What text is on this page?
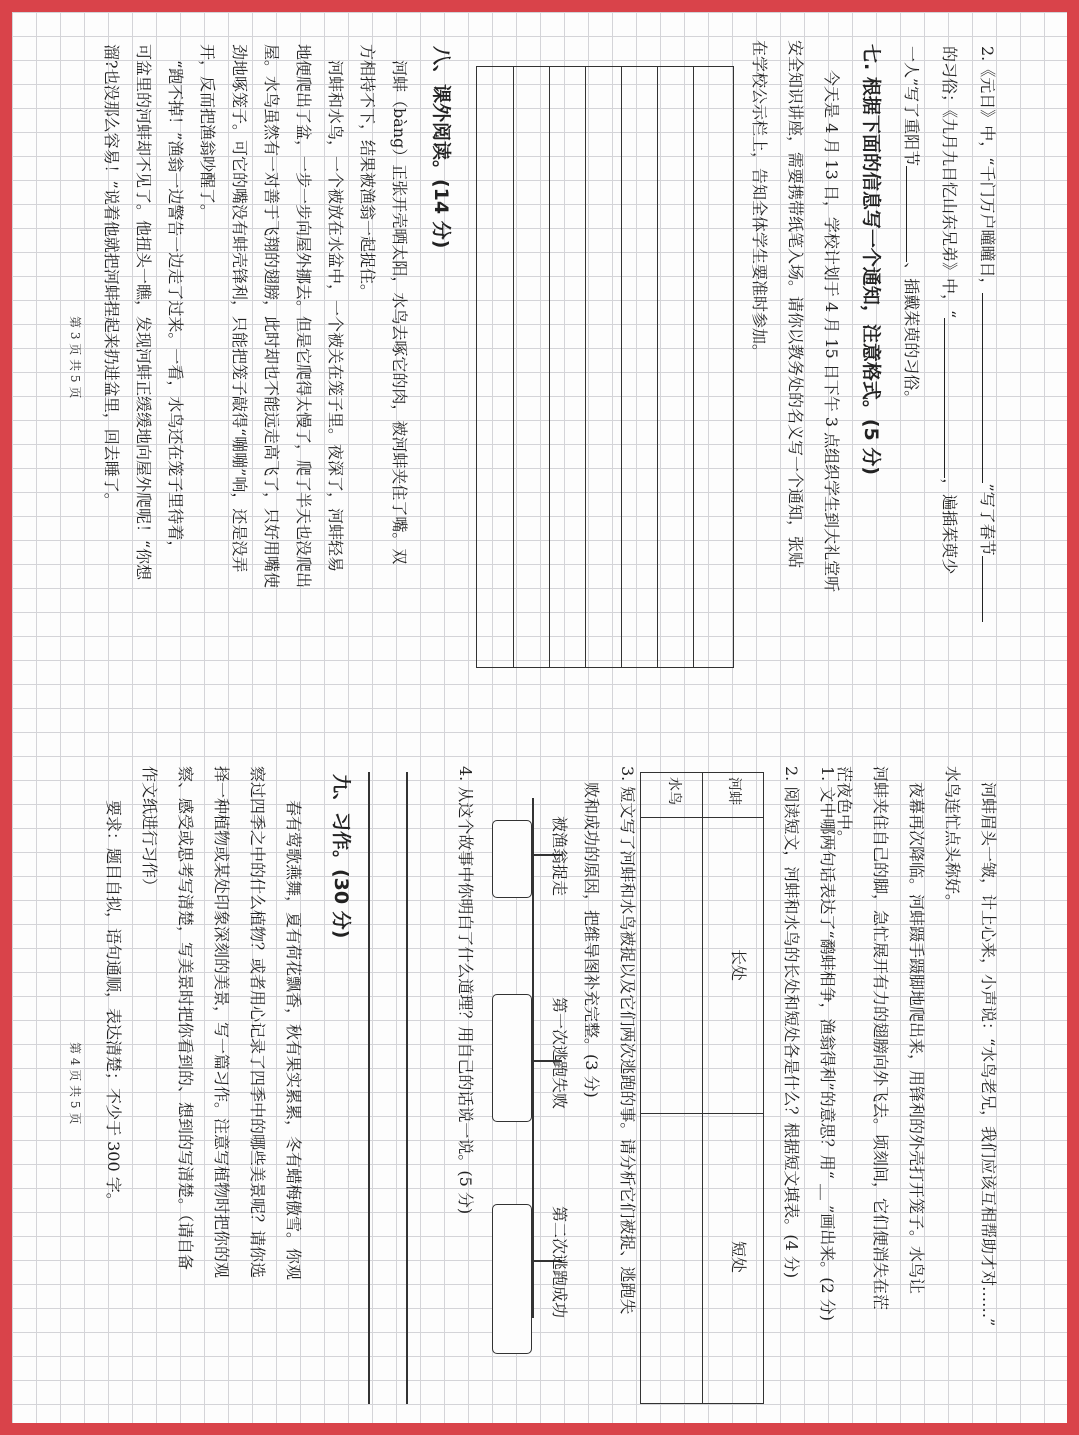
2.《元日》中，“千门万户曈曈日，”写了春节
的习俗；《九月九日忆山东兄弟》中，“，遍插茱萸少
一人”写了重阳节、插戴茱萸的习俗。
七. 根据下面的信息写一个通知，注意格式。(5 分)
今天是 4 月 13 日，学校计划于 4 月 15 日下午 3 点组织学生到大礼堂听
安全知识讲座，需要携带纸笔入场。请你以教务处的名义写一个通知，张贴
在学校公示栏上，告知全体学生要准时参加。
八、课外阅读。(14 分)
河蚌（bàng）正张开壳晒太阳，水鸟去啄它的肉，被河蚌夹住了嘴。双
方相持不下，结果被渔翁一起捉住。
河蚌和水鸟，一个被放在水盆中，一个被关在笼子里。夜深了，河蚌轻易
地便爬出了盆，一步一步向屋外挪去。但是它爬得太慢了，爬了半天也没爬出
屋。水鸟虽然有一对善于飞翔的翅膀，此时却也不能远走高飞了，只好用嘴使
劲地啄笼子。可它的嘴没有蚌壳锋利，只能把笼子敲得“嘣嘣”响，还是没弄
开，反而把渔翁吵醒了。
“跑不掉！”渔翁一边警告一边走了过来。一看，水鸟还在笼子里待着，
可盆里的河蚌却不见了。他扭头一瞧，发现河蚌正缓缓地向屋外爬呢！“你想
溜?也没那么容易！”说着他就把河蚌捏起来扔进盆里，回去睡了。
第 3 页 共 5 页
河蚌眉头一皱，计上心来，小声说：“水鸟老兄，我们应该互相帮助才对……”
水鸟连忙点头称好。
夜幕再次降临。河蚌蹑手蹑脚地爬出来，用锋利的外壳打开笼子。水鸟让
河蚌夹住自己的脚，急忙展开有力的翅膀向外飞去。顷刻间，它们便消失在茫
茫夜色中。
1. 文中哪两句话表达了“鹬蚌相争，渔翁得利”的意思？用“ ＿ ”画出来。(2 分)
2. 阅读短文，河蚌和水鸟的长处和短处各是什么？根据短文填表。(4 分)
长处
短处
河蚌
水鸟
3. 短文写了河蚌和水鸟被捉以及它们两次逃跑的事。请分析它们被捉、逃跑失
败和成功的原因，把维导图补充完整。(3 分)
被渔翁捉走
第一次逃跑失败
第二次逃跑成功
4. 从这个故事中你明白了什么道理？用自己的话说一说。(5 分)
九、习作。(30 分)
春有莺歌燕舞，夏有荷花飘香，秋有果实累累，冬有蜡梅傲雪。你观
察过四季之中的什么植物？或者用心记录了四季中的哪些美景呢？请你选
择一种植物或某处印象深刻的美景，写一篇习作。注意写植物时把你的观
察、感受或思考写清楚，写美景时把你看到的、想到的写清楚。（请自备
作文纸进行习作）
要求：题目自拟，语句通顺，表达清楚；不少于 300 字。
第 4 页 共 5 页
